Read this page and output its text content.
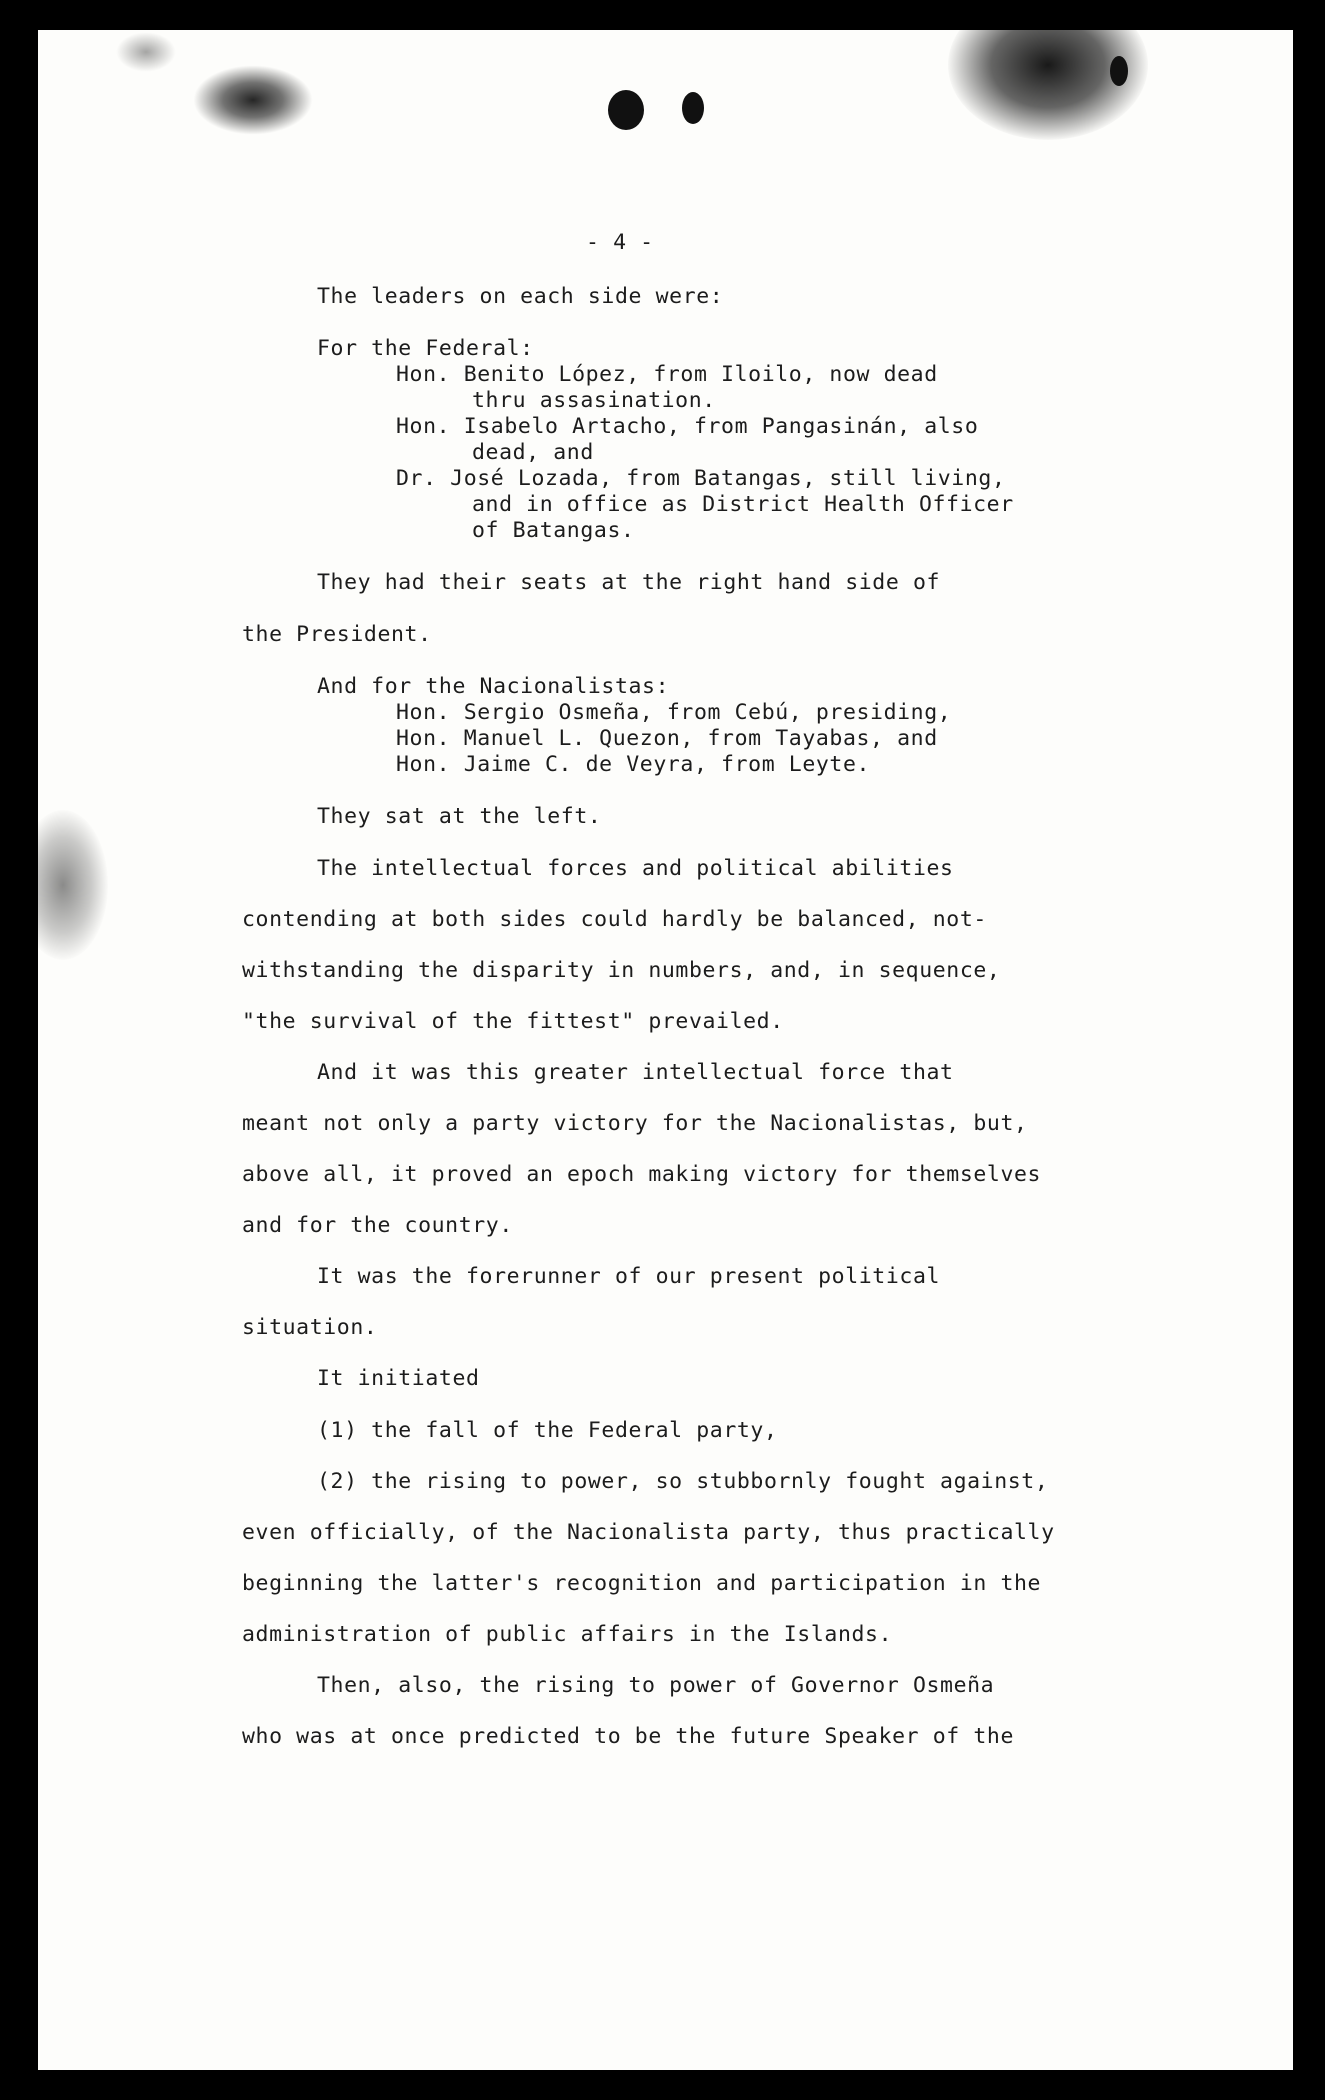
- 4 -
The leaders on each side were:
For the Federal:
Hon. Benito López, from Iloilo, now dead
thru assasination.
Hon. Isabelo Artacho, from Pangasinán, also
dead, and
Dr. José Lozada, from Batangas, still living,
and in office as District Health Officer
of Batangas.
They had their seats at the right hand side of
the President.
And for the Nacionalistas:
Hon. Sergio Osmeña, from Cebú, presiding,
Hon. Manuel L. Quezon, from Tayabas, and
Hon. Jaime C. de Veyra, from Leyte.
They sat at the left.
The intellectual forces and political abilities
contending at both sides could hardly be balanced, not-
withstanding the disparity in numbers, and, in sequence,
"the survival of the fittest" prevailed.
And it was this greater intellectual force that
meant not only a party victory for the Nacionalistas, but,
above all, it proved an epoch making victory for themselves
and for the country.
It was the forerunner of our present political
situation.
It initiated
(1) the fall of the Federal party,
(2) the rising to power, so stubbornly fought against,
even officially, of the Nacionalista party, thus practically
beginning the latter's recognition and participation in the
administration of public affairs in the Islands.
Then, also, the rising to power of Governor Osmeña
who was at once predicted to be the future Speaker of the
